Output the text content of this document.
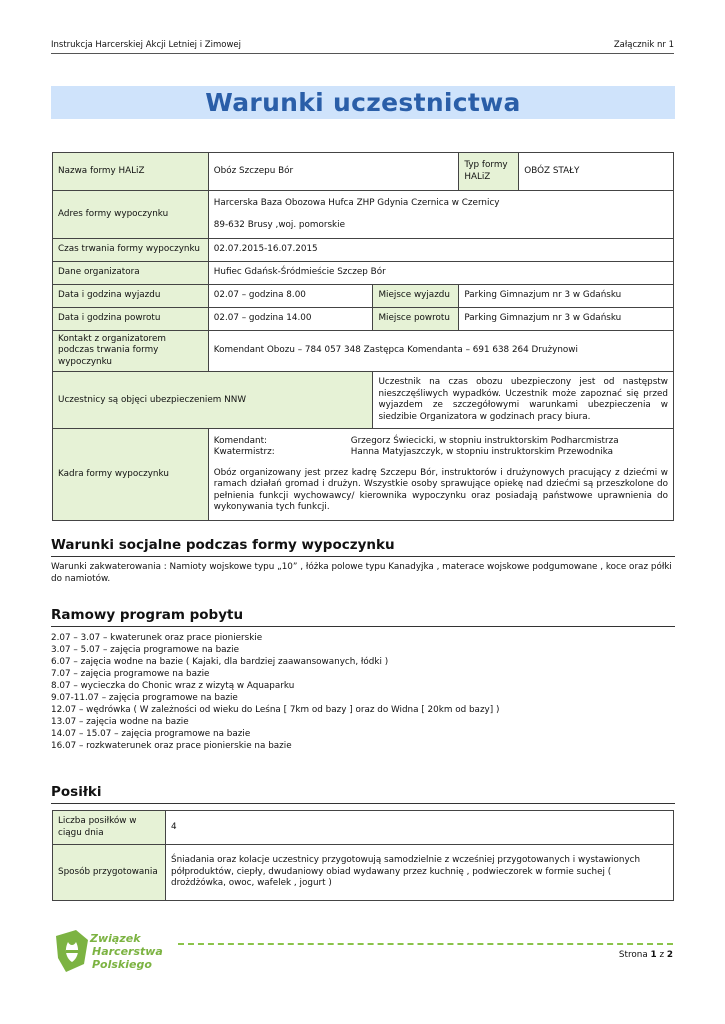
Instrukcja Harcerskiej Akcji Letniej i Zimowej	Załącznik nr 1
Warunki uczestnictwa
Nazwa formy HALiZ	Obóz Szczepu Bór		Typ formy HALiZ	OBÓZ STAŁY
Adres formy wypoczynku	Harcerska Baza Obozowa Hufca ZHP Gdynia Czernica w Czernicy
89-632 Brusy ,woj. pomorskie			

Czas trwania formy wypoczynku	02.07.2015-16.07.2015			
Dane organizatora	Hufiec Gdańsk-Śródmieście Szczep Bór			
Data i godzina wyjazdu	02.07 – godzina 8.00	Miejsce wyjazdu	Parking Gimnazjum nr 3 w Gdańsku	
Data i godzina powrotu	02.07 – godzina 14.00	Miejsce powrotu	Parking Gimnazjum nr 3 w Gdańsku	
Kontakt z organizatorem podczas trwania formy wypoczynku	Komendant Obozu – 784 057 348 Zastępca Komendanta – 691 638 264 Drużynowi			
Uczestnicy są objęci ubezpieczeniem NNW		Uczestnik na czas obozu ubezpieczony jest od następstw nieszczęśliwych wypadków. Uczestnik może zapoznać się przed wyjazdem ze szczegółowymi warunkami ubezpieczenia w siedzibie Organizatora w godzinach pracy biura.		
Kadra formy wypoczynku	Komendant: Grzegorz Świecicki, w stopniu instruktorskim Podharcmistrza
Kwatermistrz: Hanna Matyjaszczyk, w stopniu instruktorskim Przewodnika
Obóz organizowany jest przez kadrę Szczepu Bór, instruktorów i drużynowych pracujący z dziećmi w ramach działań gromad i drużyn. Wszystkie osoby sprawujące opiekę nad dziećmi są przeszkolone do pełnienia funkcji wychowawcy/ kierownika wypoczynku oraz posiadają państwowe uprawnienia do wykonywania tych funkcji.			
Warunki socjalne podczas formy wypoczynku
Warunki zakwaterowania : Namioty wojskowe typu „10” , łóżka polowe typu Kanadyjka , materace wojskowe podgumowane , koce oraz półki do namiotów.
Ramowy program pobytu
2.07 – 3.07 – kwaterunek oraz prace pionierskie
3.07 – 5.07 – zajęcia programowe na bazie
6.07 – zajęcia wodne na bazie ( Kajaki, dla bardziej zaawansowanych, łódki )
7.07 – zajęcia programowe na bazie
8.07 – wycieczka do Chonic wraz z wizytą w Aquaparku
9.07-11.07 – zajęcia programowe na bazie
12.07 – wędrówka ( W zależności od wieku do Leśna [ 7km od bazy ] oraz do Widna [ 20km od bazy] )
13.07 – zajęcia wodne na bazie
14.07 – 15.07 – zajęcia programowe na bazie
16.07 – rozkwaterunek oraz prace pionierskie na bazie
Posiłki
Liczba posiłków w ciągu dnia	4
Sposób przygotowania	Śniadania oraz kolacje uczestnicy przygotowują samodzielnie z wcześniej przygotowanych i wystawionych półproduktów, ciepły, dwudaniowy obiad wydawany przez kuchnię , podwieczorek w formie suchej ( drożdżówka, owoc, wafelek , jogurt )
Związek
Harcerstwa
Polskiego
Strona 1 z 2
